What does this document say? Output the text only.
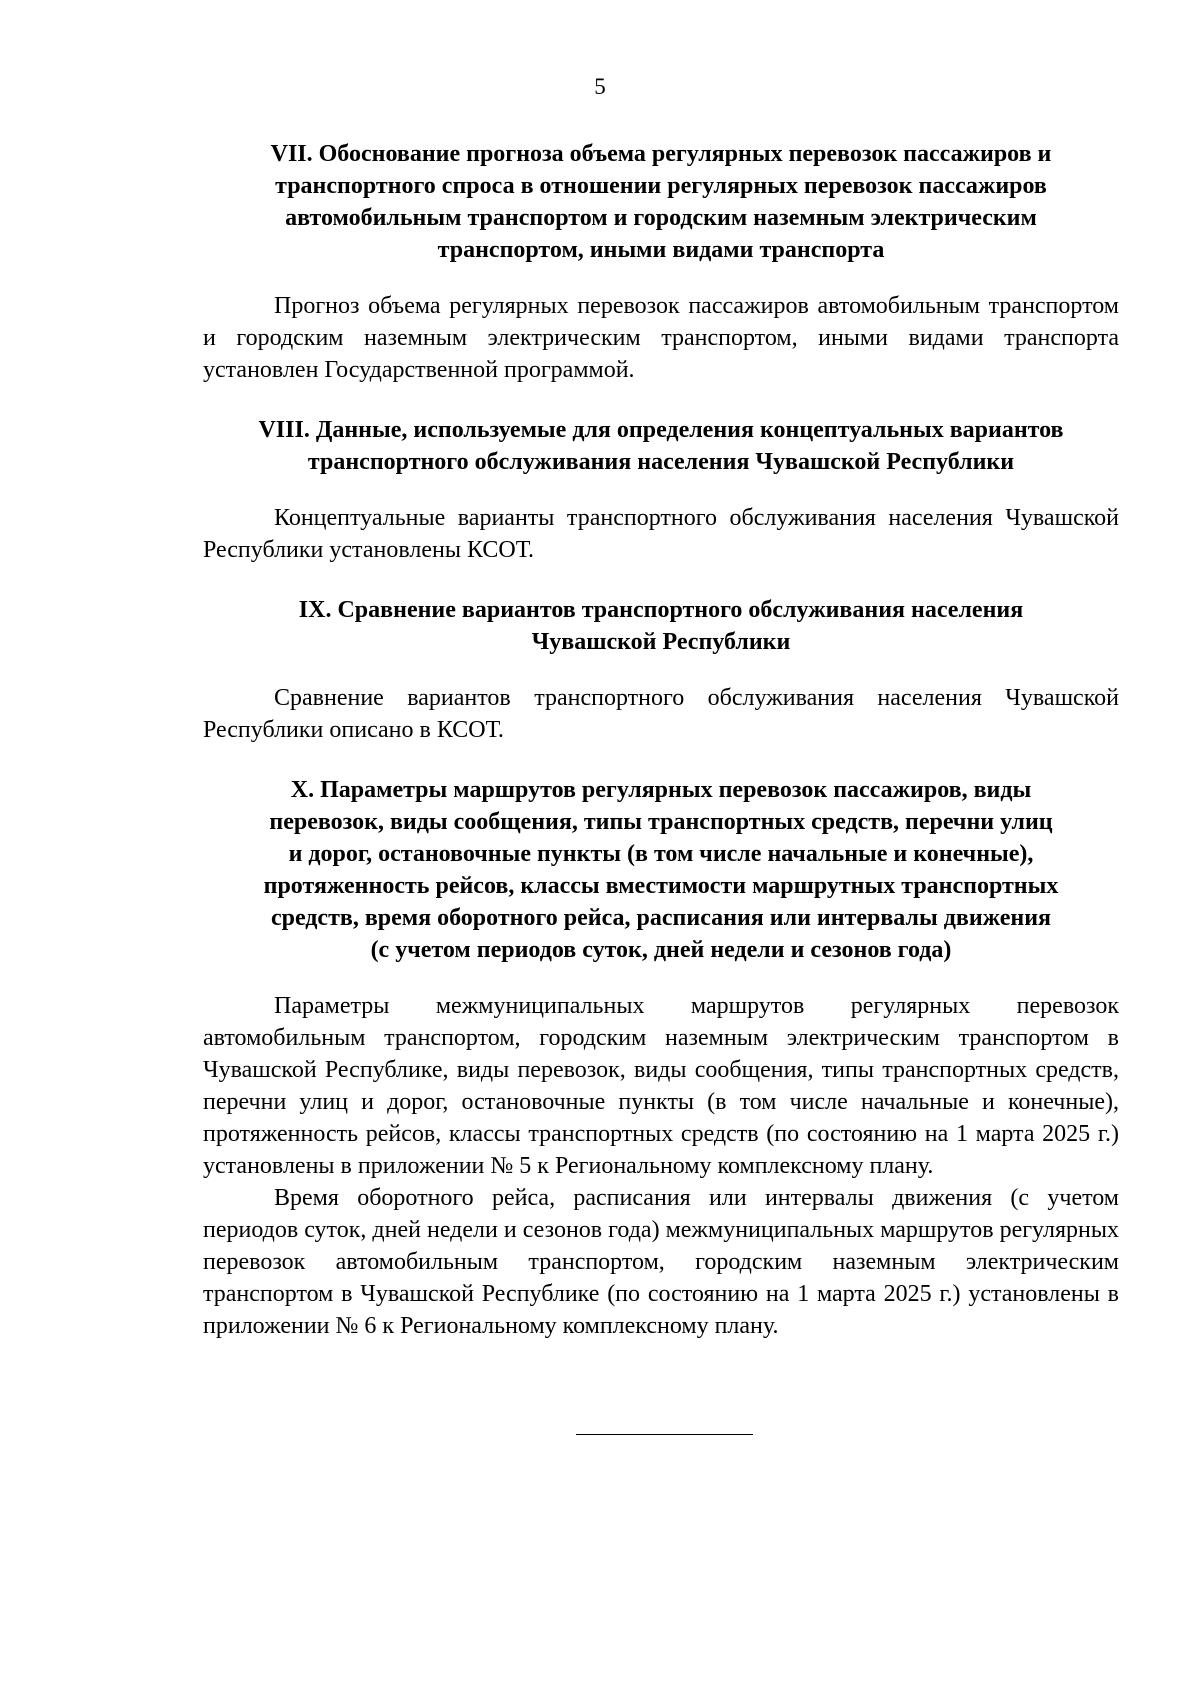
5
VII. Обоснование прогноза объема регулярных перевозок пассажиров и
транспортного спроса в отношении регулярных перевозок пассажиров
автомобильным транспортом и городским наземным электрическим
транспортом, иными видами транспорта

Прогноз объема регулярных перевозок пассажиров автомобильным транспортом и городским наземным электрическим транспортом, иными видами транспорта установлен Государственной программой.

VIII. Данные, используемые для определения концептуальных вариантов
транспортного обслуживания населения Чувашской Республики

Концептуальные варианты транспортного обслуживания населения Чувашской Республики установлены КСОТ.

IX. Сравнение вариантов транспортного обслуживания населения
Чувашской Республики

Сравнение вариантов транспортного обслуживания населения Чувашской Республики описано в КСОТ.

X. Параметры маршрутов регулярных перевозок пассажиров, виды
перевозок, виды сообщения, типы транспортных средств, перечни улиц
и дорог, остановочные пункты (в том числе начальные и конечные),
протяженность рейсов, классы вместимости маршрутных транспортных
средств, время оборотного рейса, расписания или интервалы движения
(с учетом периодов суток, дней недели и сезонов года)

Параметры межмуниципальных маршрутов регулярных перевозок автомобильным транспортом, городским наземным электрическим транспортом в Чувашской Республике, виды перевозок, виды сообщения, типы транспортных средств, перечни улиц и дорог, остановочные пункты (в том числе начальные и конечные), протяженность рейсов, классы транспортных средств (по состоянию на 1 марта 2025 г.) установлены в приложении № 5 к Региональному комплексному плану.

Время оборотного рейса, расписания или интервалы движения (с учетом периодов суток, дней недели и сезонов года) межмуниципальных маршрутов регулярных перевозок автомобильным транспортом, городским наземным электрическим транспортом в Чувашской Республике (по состоянию на 1 марта 2025 г.) установлены в приложении № 6 к Региональному комплексному плану.
